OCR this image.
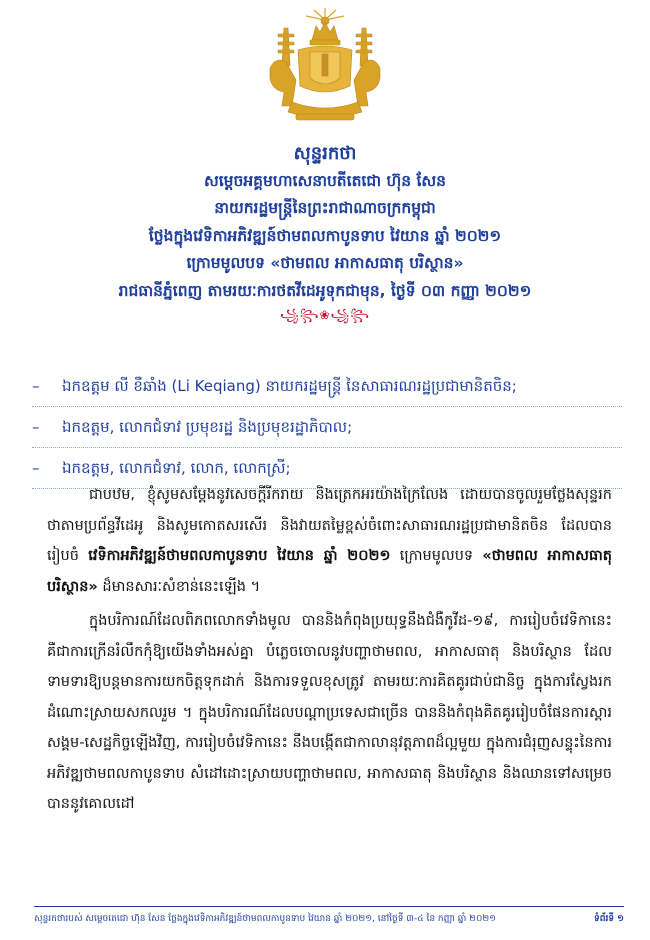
សុន្ទរកថា
សម្តេចអគ្គមហាសេនាបតីតេជោ ហ៊ុន សែន
នាយករដ្ឋមន្ត្រីនៃព្រះរាជាណាចក្រកម្ពុជា
ថ្លែងក្នុងវេទិកាអភិវឌ្ឍន៍ថាមពលកាបូនទាប វៃយាន ឆ្នាំ ២០២១
ក្រោមមូលបទ «ថាមពល អាកាសធាតុ បរិស្ថាន»
រាជធានីភ្នំពេញ តាមរយៈការថតវីដេអូទុកជាមុន, ថ្ងៃទី ០៣ កញ្ញា ២០២១
꧁꧂❀꧁꧂
– ឯកឧត្តម លី ខឺឆាំង (Li Keqiang) នាយករដ្ឋមន្ត្រី នៃសាធារណរដ្ឋប្រជាមានិតចិន;
– ឯកឧត្តម, លោកជំទាវ ប្រមុខរដ្ឋ និងប្រមុខរដ្ឋាភិបាល;
– ឯកឧត្តម, លោកជំទាវ, លោក, លោកស្រី;

ជាបឋម, ខ្ញុំសូមសម្តែងនូវសេចក្តីរីករាយ និងត្រេកអរយ៉ាងក្រៃលែង ដោយបានចូលរួមថ្លែងសុន្ទរកថាតាមប្រព័ន្ធវីដេអូ និងសូមកោតសរសើរ និងវាយតម្លៃខ្ពស់ចំពោះសាធារណរដ្ឋប្រជាមានិតចិន ដែលបានរៀបចំ វេទិកាអភិវឌ្ឍន៍ថាមពលកាបូនទាប វៃយាន ឆ្នាំ ២០២១ ក្រោមមូលបទ «ថាមពល អាកាសធាតុ បរិស្ថាន» ដ៏មានសារៈសំខាន់នេះឡើង ។

ក្នុងបរិការណ៍ដែលពិភពលោកទាំងមូល បាននិងកំពុងប្រយុទ្ធនឹងជំងឺកូវីដ-១៩, ការរៀបចំវេទិកានេះ គឺជាការក្រើនរំលឹកកុំឱ្យយើងទាំងអស់គ្នា បំភ្លេចចោលនូវបញ្ហាថាមពល, អាកាសធាតុ និងបរិស្ថាន ដែលទាមទារឱ្យបន្តមានការយកចិត្តទុកដាក់ និងការទទួលខុសត្រូវ តាមរយៈការគិតគូរជាប់ជានិច្ច ក្នុងការស្វែងរកដំណោះស្រាយសកលរួម ។ ក្នុងបរិការណ៍ដែលបណ្តាប្រទេសជាច្រើន បាននិងកំពុងគិតគូររៀបចំផែនការស្តារសង្គម-សេដ្ឋកិច្ចឡើងវិញ, ការរៀបចំវេទិកានេះ នឹងបង្កើតជាកាលានុវត្តភាពដ៏ល្អមួយ ក្នុងការជំរុញសន្ទុះនៃការអភិវឌ្ឍថាមពលកាបូនទាប សំដៅដោះស្រាយបញ្ហាថាមពល, អាកាសធាតុ និងបរិស្ថាន និងឈានទៅសម្រេចបាននូវគោលដៅ

សុន្ទរកថារបស់ សម្តេចតេជោ ហ៊ុន សែន ថ្លែងក្នុងវេទិកាអភិវឌ្ឍន៍ថាមពលកាបូនទាប វៃយាន ឆ្នាំ ២០២១, នៅថ្ងៃទី ៣-៤ នៃ កញ្ញា ឆ្នាំ ២០២១	ទំព័រទី ១
